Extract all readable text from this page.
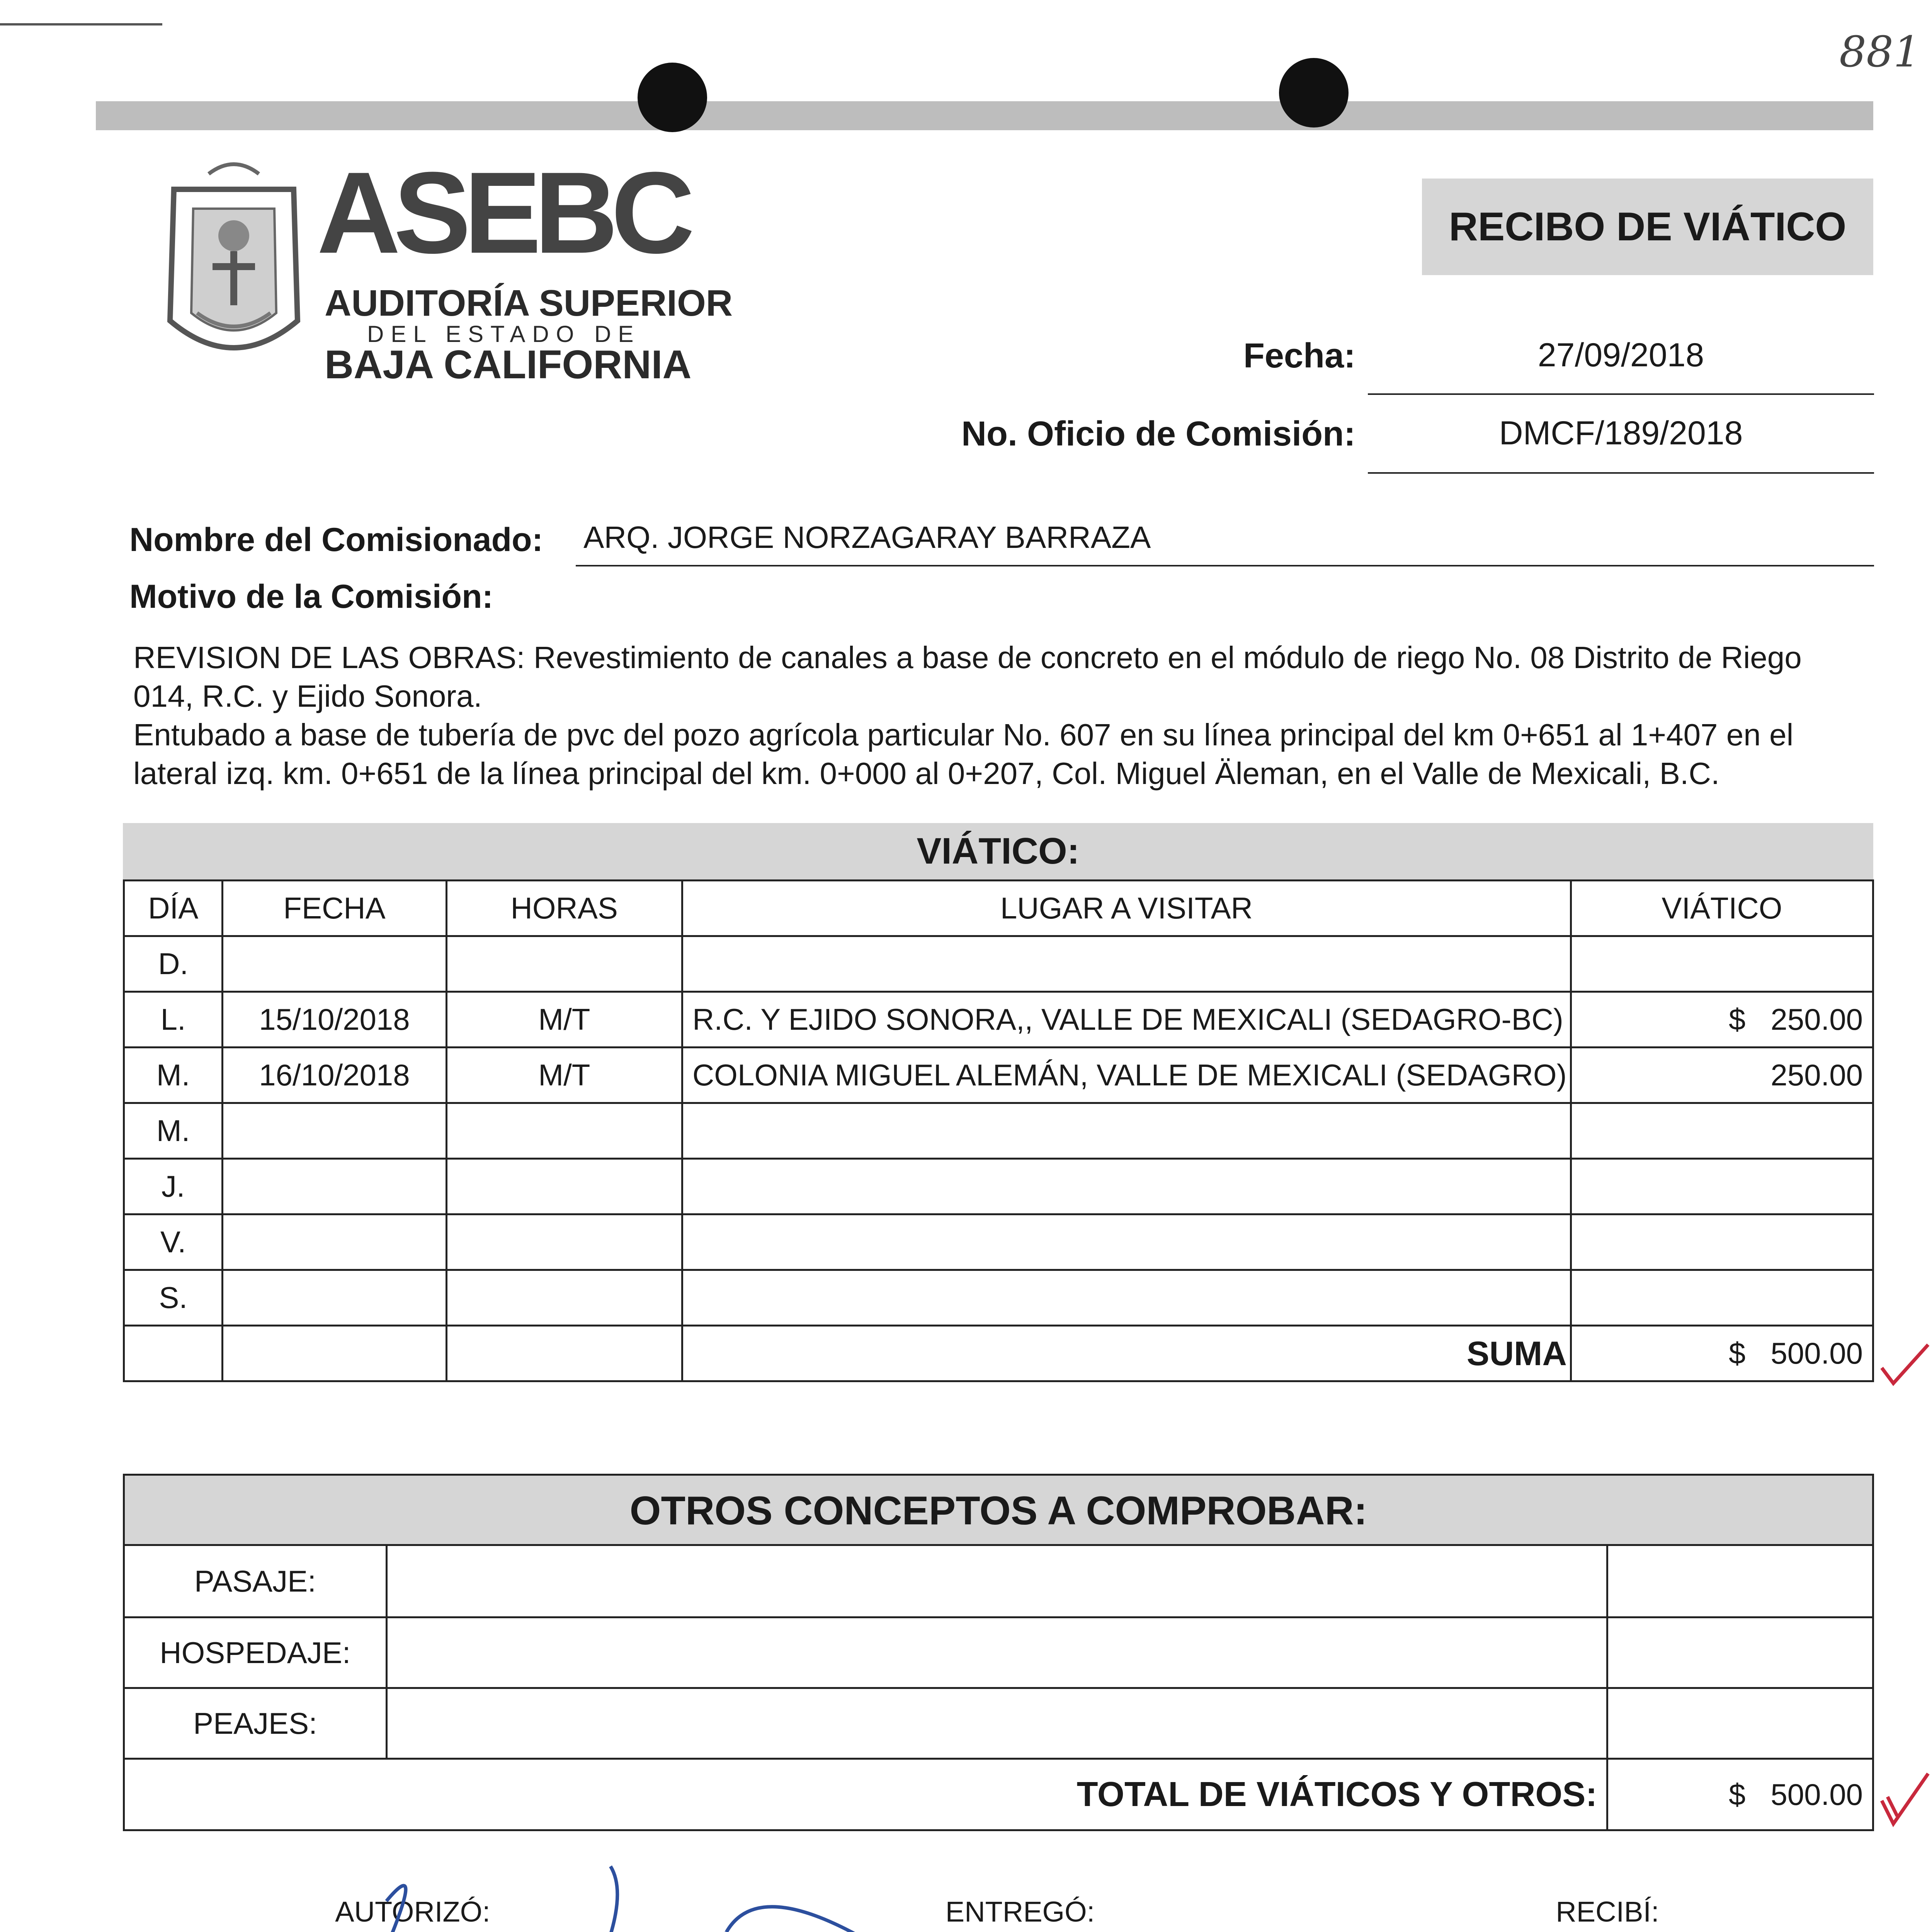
881
ASEBC
AUDITORÍA SUPERIOR
DEL ESTADO DE
BAJA CALIFORNIA
RECIBO DE VIÁTICO
Fecha:	27/09/2018
No. Oficio de Comisión:	DMCF/189/2018
Nombre del Comisionado: ARQ. JORGE NORZAGARAY BARRAZA
Motivo de la Comisión:
REVISION DE LAS OBRAS: Revestimiento de canales a base de concreto en el módulo de riego No. 08 Distrito de Riego
014, R.C. y Ejido Sonora.
Entubado a base de tubería de pvc del pozo agrícola particular No. 607 en su línea principal del km 0+651 al 1+407 en el
lateral izq. km. 0+651 de la línea principal del km. 0+000 al 0+207, Col. Miguel Äleman, en el Valle de Mexicali, B.C.
VIÁTICO:
DÍA	FECHA	HORAS	LUGAR A VISITAR	VIÁTICO
D.				
L.	15/10/2018	M/T	R.C. Y EJIDO SONORA,, VALLE DE MEXICALI (SEDAGRO-BC)	$   250.00
M.	16/10/2018	M/T	COLONIA MIGUEL ALEMÁN, VALLE DE MEXICALI (SEDAGRO)	250.00
M.				
J.				
V.				
S.				
			SUMA	$   500.00
OTROS CONCEPTOS A COMPROBAR:
PASAJE:		
HOSPEDAJE:		
PEAJES:		
TOTAL DE VIÁTICOS Y OTROS:		$   500.00
AUTORIZÓ:	ENTREGÓ:	RECIBÍ:
